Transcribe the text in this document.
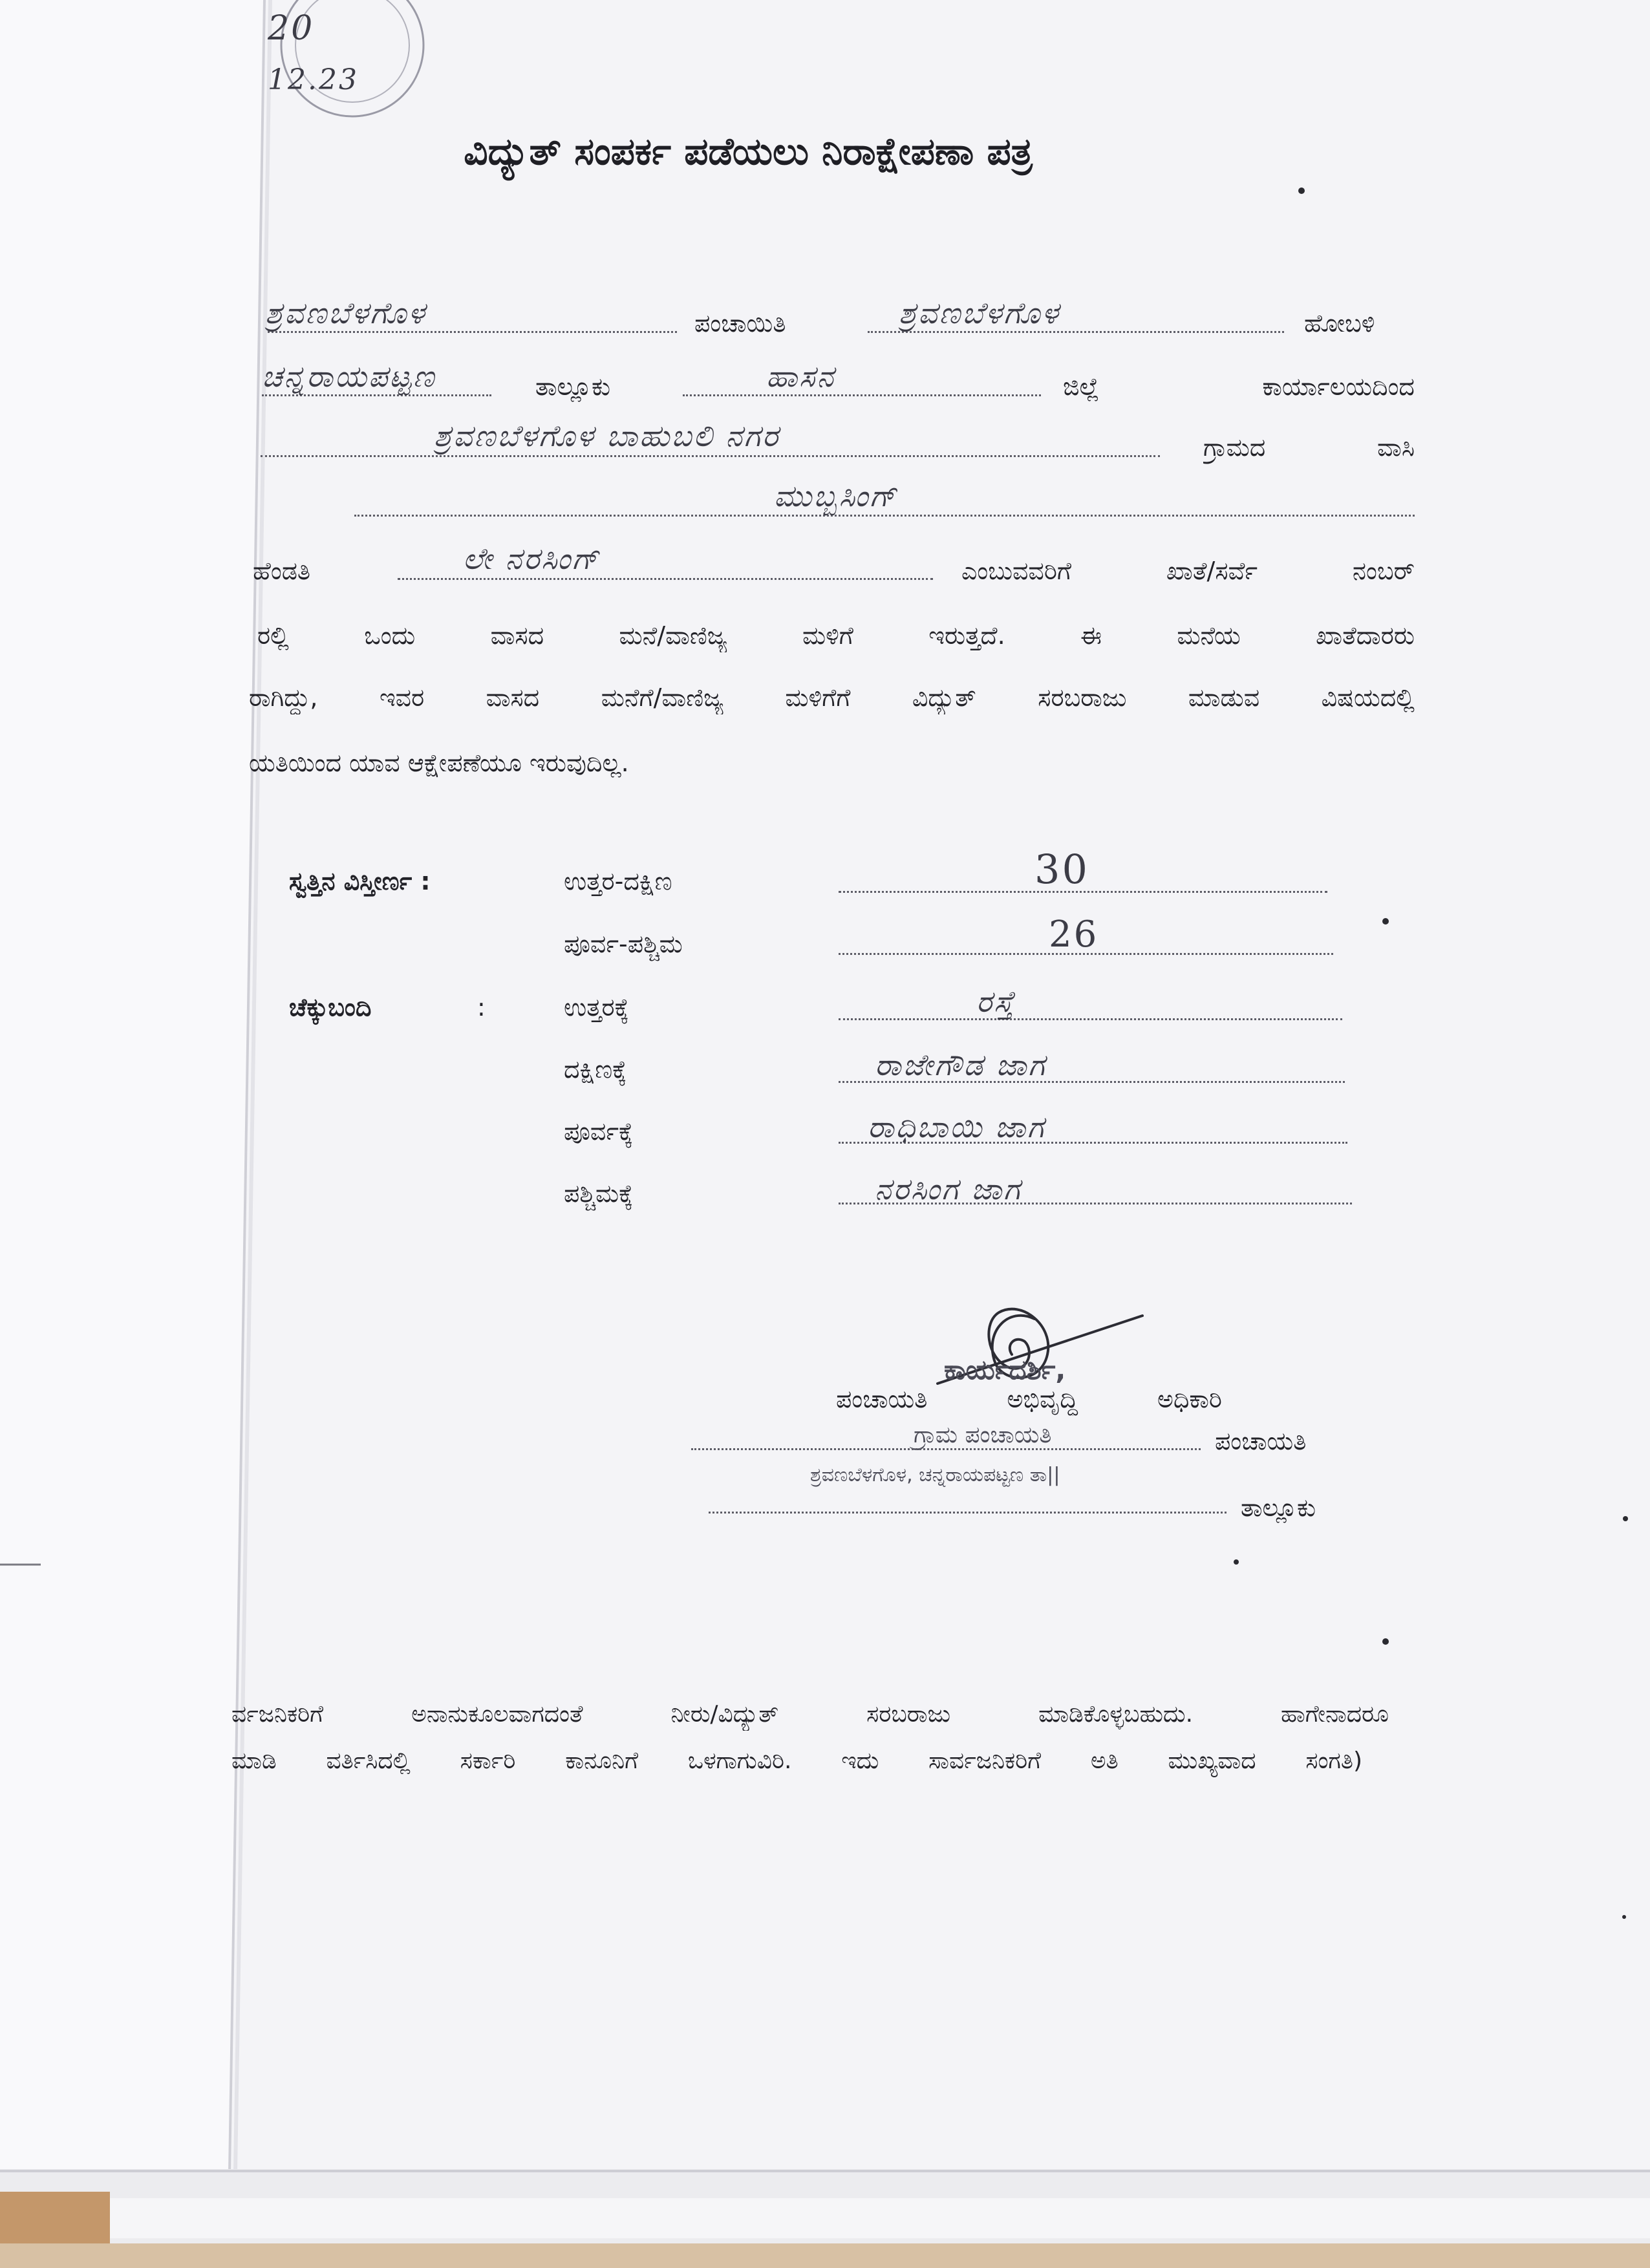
20
12.23
ವಿದ್ಯುತ್ ಸಂಪರ್ಕ ಪಡೆಯಲು ನಿರಾಕ್ಷೇಪಣಾ ಪತ್ರ
ಶ್ರವಣಬೆಳಗೊಳ	ಪಂಚಾಯಿತಿ	ಶ್ರವಣಬೆಳಗೊಳ	ಹೋಬಳಿ
ಚನ್ನರಾಯಪಟ್ಟಣ	ತಾಲ್ಲೂಕು	ಹಾಸನ	ಜಿಲ್ಲೆ ಕಾರ್ಯಾಲಯದಿಂದ
ಶ್ರವಣಬೆಳಗೊಳ ಬಾಹುಬಲಿ ನಗರ	ಗ್ರಾಮದ ವಾಸಿ
ಮುಬ್ಬಸಿಂಗ್
ಹೆಂಡತಿ	ಲೇ ನರಸಿಂಗ್	ಎಂಬುವವರಿಗೆ ಖಾತೆ/ಸರ್ವೆ ನಂಬರ್
ರಲ್ಲಿ ಒಂದು ವಾಸದ ಮನೆ/ವಾಣಿಜ್ಯ ಮಳಿಗೆ ಇರುತ್ತದೆ. ಈ ಮನೆಯ ಖಾತೆದಾರರು
ರಾಗಿದ್ದು, ಇವರ ವಾಸದ ಮನೆಗೆ/ವಾಣಿಜ್ಯ ಮಳಿಗೆಗೆ ವಿದ್ಯುತ್ ಸರಬರಾಜು ಮಾಡುವ ವಿಷಯದಲ್ಲಿ
ಯತಿಯಿಂದ ಯಾವ ಆಕ್ಷೇಪಣೆಯೂ ಇರುವುದಿಲ್ಲ.
ಸ್ವತ್ತಿನ ವಿಸ್ತೀರ್ಣ :	ಉತ್ತರ-ದಕ್ಷಿಣ	30
ಪೂರ್ವ-ಪಶ್ಚಿಮ	26
ಚೆಕ್ಕುಬಂದಿ	:	ಉತ್ತರಕ್ಕೆ	ರಸ್ತೆ
ದಕ್ಷಿಣಕ್ಕೆ	ರಾಜೇಗೌಡ ಜಾಗ
ಪೂರ್ವಕ್ಕೆ	ರಾಧಿಬಾಯಿ ಜಾಗ
ಪಶ್ಚಿಮಕ್ಕೆ	ನರಸಿಂಗ ಜಾಗ
ಕಾರ್ಯದರ್ಶಿ,
ಪಂಚಾಯತಿ ಅಭಿವೃದ್ಧಿ ಅಧಿಕಾರಿ
ಗ್ರಾಮ ಪಂಚಾಯತಿ	ಪಂಚಾಯತಿ
ಶ್ರವಣಬೆಳಗೊಳ, ಚನ್ನರಾಯಪಟ್ಟಣ ತಾ||
ತಾಲ್ಲೂಕು
ರ್ವಜನಿಕರಿಗೆ ಅನಾನುಕೂಲವಾಗದಂತೆ ನೀರು/ವಿದ್ಯುತ್ ಸರಬರಾಜು ಮಾಡಿಕೊಳ್ಳಬಹುದು. ಹಾಗೇನಾದರೂ
ಮಾಡಿ ವರ್ತಿಸಿದಲ್ಲಿ ಸರ್ಕಾರಿ ಕಾನೂನಿಗೆ ಒಳಗಾಗುವಿರಿ. ಇದು ಸಾರ್ವಜನಿಕರಿಗೆ ಅತಿ ಮುಖ್ಯವಾದ ಸಂಗತಿ)
